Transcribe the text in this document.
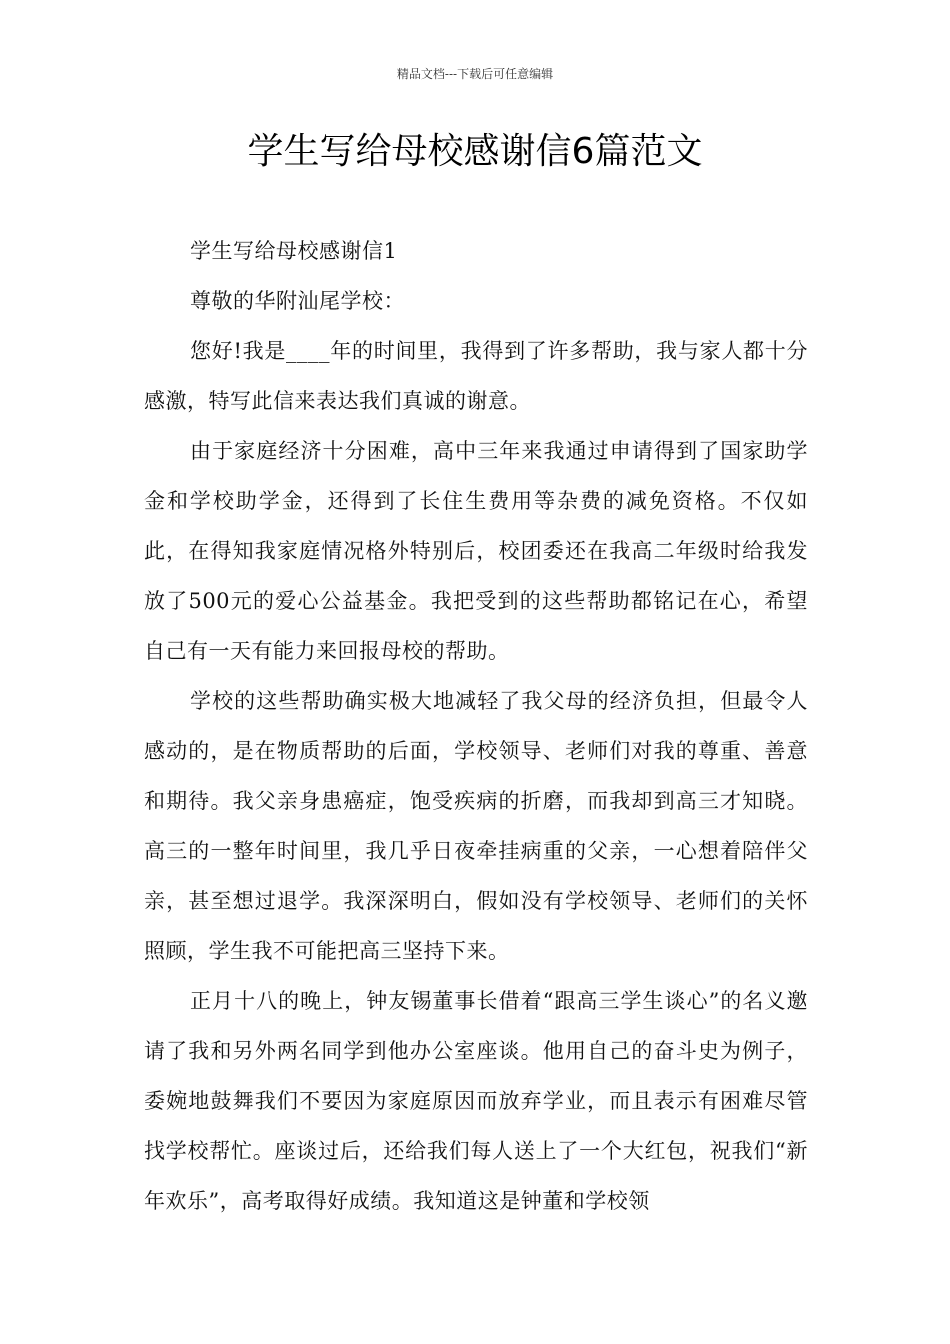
精品文档---下载后可任意编辑
学生写给母校感谢信6篇范文

学生写给母校感谢信1

尊敬的华附汕尾学校：

您好!我是____年的时间里，我得到了许多帮助，我与家人都十分感激，特写此信来表达我们真诚的谢意。

由于家庭经济十分困难，高中三年来我通过申请得到了国家助学金和学校助学金，还得到了长住生费用等杂费的减免资格。不仅如此，在得知我家庭情况格外特别后，校团委还在我高二年级时给我发放了500元的爱心公益基金。我把受到的这些帮助都铭记在心，希望自己有一天有能力来回报母校的帮助。

学校的这些帮助确实极大地减轻了我父母的经济负担，但最令人感动的，是在物质帮助的后面，学校领导、老师们对我的尊重、善意和期待。我父亲身患癌症，饱受疾病的折磨，而我却到高三才知晓。高三的一整年时间里，我几乎日夜牵挂病重的父亲，一心想着陪伴父亲，甚至想过退学。我深深明白，假如没有学校领导、老师们的关怀照顾，学生我不可能把高三坚持下来。

正月十八的晚上，钟友锡董事长借着“跟高三学生谈心”的名义邀请了我和另外两名同学到他办公室座谈。他用自己的奋斗史为例子，委婉地鼓舞我们不要因为家庭原因而放弃学业，而且表示有困难尽管找学校帮忙。座谈过后，还给我们每人送上了一个大红包，祝我们“新年欢乐”，高考取得好成绩。我知道这是钟董和学校领
